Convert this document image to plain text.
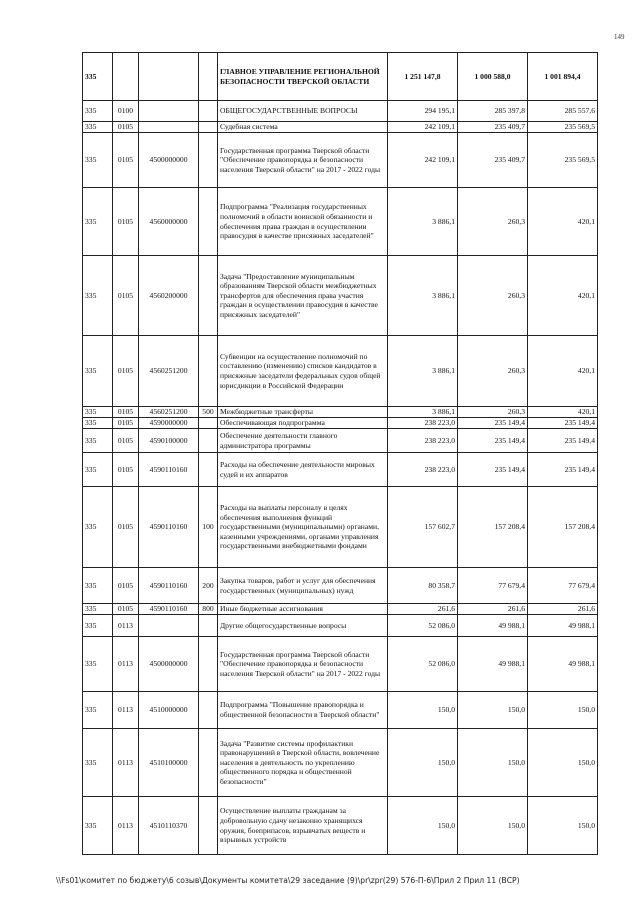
149
335				ГЛАВНОЕ УПРАВЛЕНИЕ РЕГИОНАЛЬНОЙ БЕЗОПАСНОСТИ ТВЕРСКОЙ ОБЛАСТИ	1 251 147,8	1 000 588,0	1 001 894,4
335	0100			ОБЩЕГОСУДАРСТВЕННЫЕ ВОПРОСЫ	294 195,1	285 397,8	285 557,6
335	0105			Судебная система	242 109,1	235 409,7	235 569,5
335	0105	4500000000		Государственная программа Тверской области "Обеспечение правопорядка и безопасности населения Тверской области" на 2017 - 2022 годы	242 109,1	235 409,7	235 569,5
335	0105	4560000000		Подпрограмма "Реализация государственных полномочий в области воинской обязанности и обеспечения права граждан в осуществлении правосудия в качестве присяжных заседателей"	3 886,1	260,3	420,1
335	0105	4560200000		Задача "Предоставление муниципальным образованиям Тверской области межбюджетных трансфертов для обеспечения права участия граждан в осуществлении правосудия в качестве присяжных заседателей"	3 886,1	260,3	420,1
335	0105	4560251200		Субвенции на осуществление полномочий по составлению (изменению) списков кандидатов в присяжные заседатели федеральных судов общей юрисдикции в Российской Федерации	3 886,1	260,3	420,1
335	0105	4560251200	500	Межбюджетные трансферты	3 886,1	260,3	420,1
335	0105	4590000000		Обеспечивающая подпрограмма	238 223,0	235 149,4	235 149,4
335	0105	4590100000		Обеспечение деятельности главного администратора программы	238 223,0	235 149,4	235 149,4
335	0105	4590110160		Расходы на обеспечение деятельности мировых судей и их аппаратов	238 223,0	235 149,4	235 149,4
335	0105	4590110160	100	Расходы на выплаты персоналу в целях обеспечения выполнения функций государственными (муниципальными) органами, казенными учреждениями, органами управления государственными внебюджетными фондами	157 602,7	157 208,4	157 208,4
335	0105	4590110160	200	Закупка товаров, работ и услуг для обеспечения государственных (муниципальных) нужд	80 358,7	77 679,4	77 679,4
335	0105	4590110160	800	Иные бюджетные ассигнования	261,6	261,6	261,6
335	0113			Другие общегосударственные вопросы	52 086,0	49 988,1	49 988,1
335	0113	4500000000		Государственная программа Тверской области "Обеспечение правопорядка и безопасности населения Тверской области" на 2017 - 2022 годы	52 086,0	49 988,1	49 988,1
335	0113	4510000000		Подпрограмма "Повышение правопорядка и общественной безопасности в Тверской области"	150,0	150,0	150,0
335	0113	4510100000		Задача "Развитие системы профилактики правонарушений в Тверской области, вовлечение населения в деятельность по укреплению общественного порядка и общественной безопасности"	150,0	150,0	150,0
335	0113	4510110370		Осуществление выплаты гражданам за добровольную сдачу незаконно хранящихся оружия, боеприпасов, взрывчатых веществ и взрывных устройств	150,0	150,0	150,0
\\Fs01\комитет по бюджету\6 созыв\Документы комитета\29 заседание (9)\pr\zpr(29) 576-П-6\Прил 2 Прил 11 (ВСР)
